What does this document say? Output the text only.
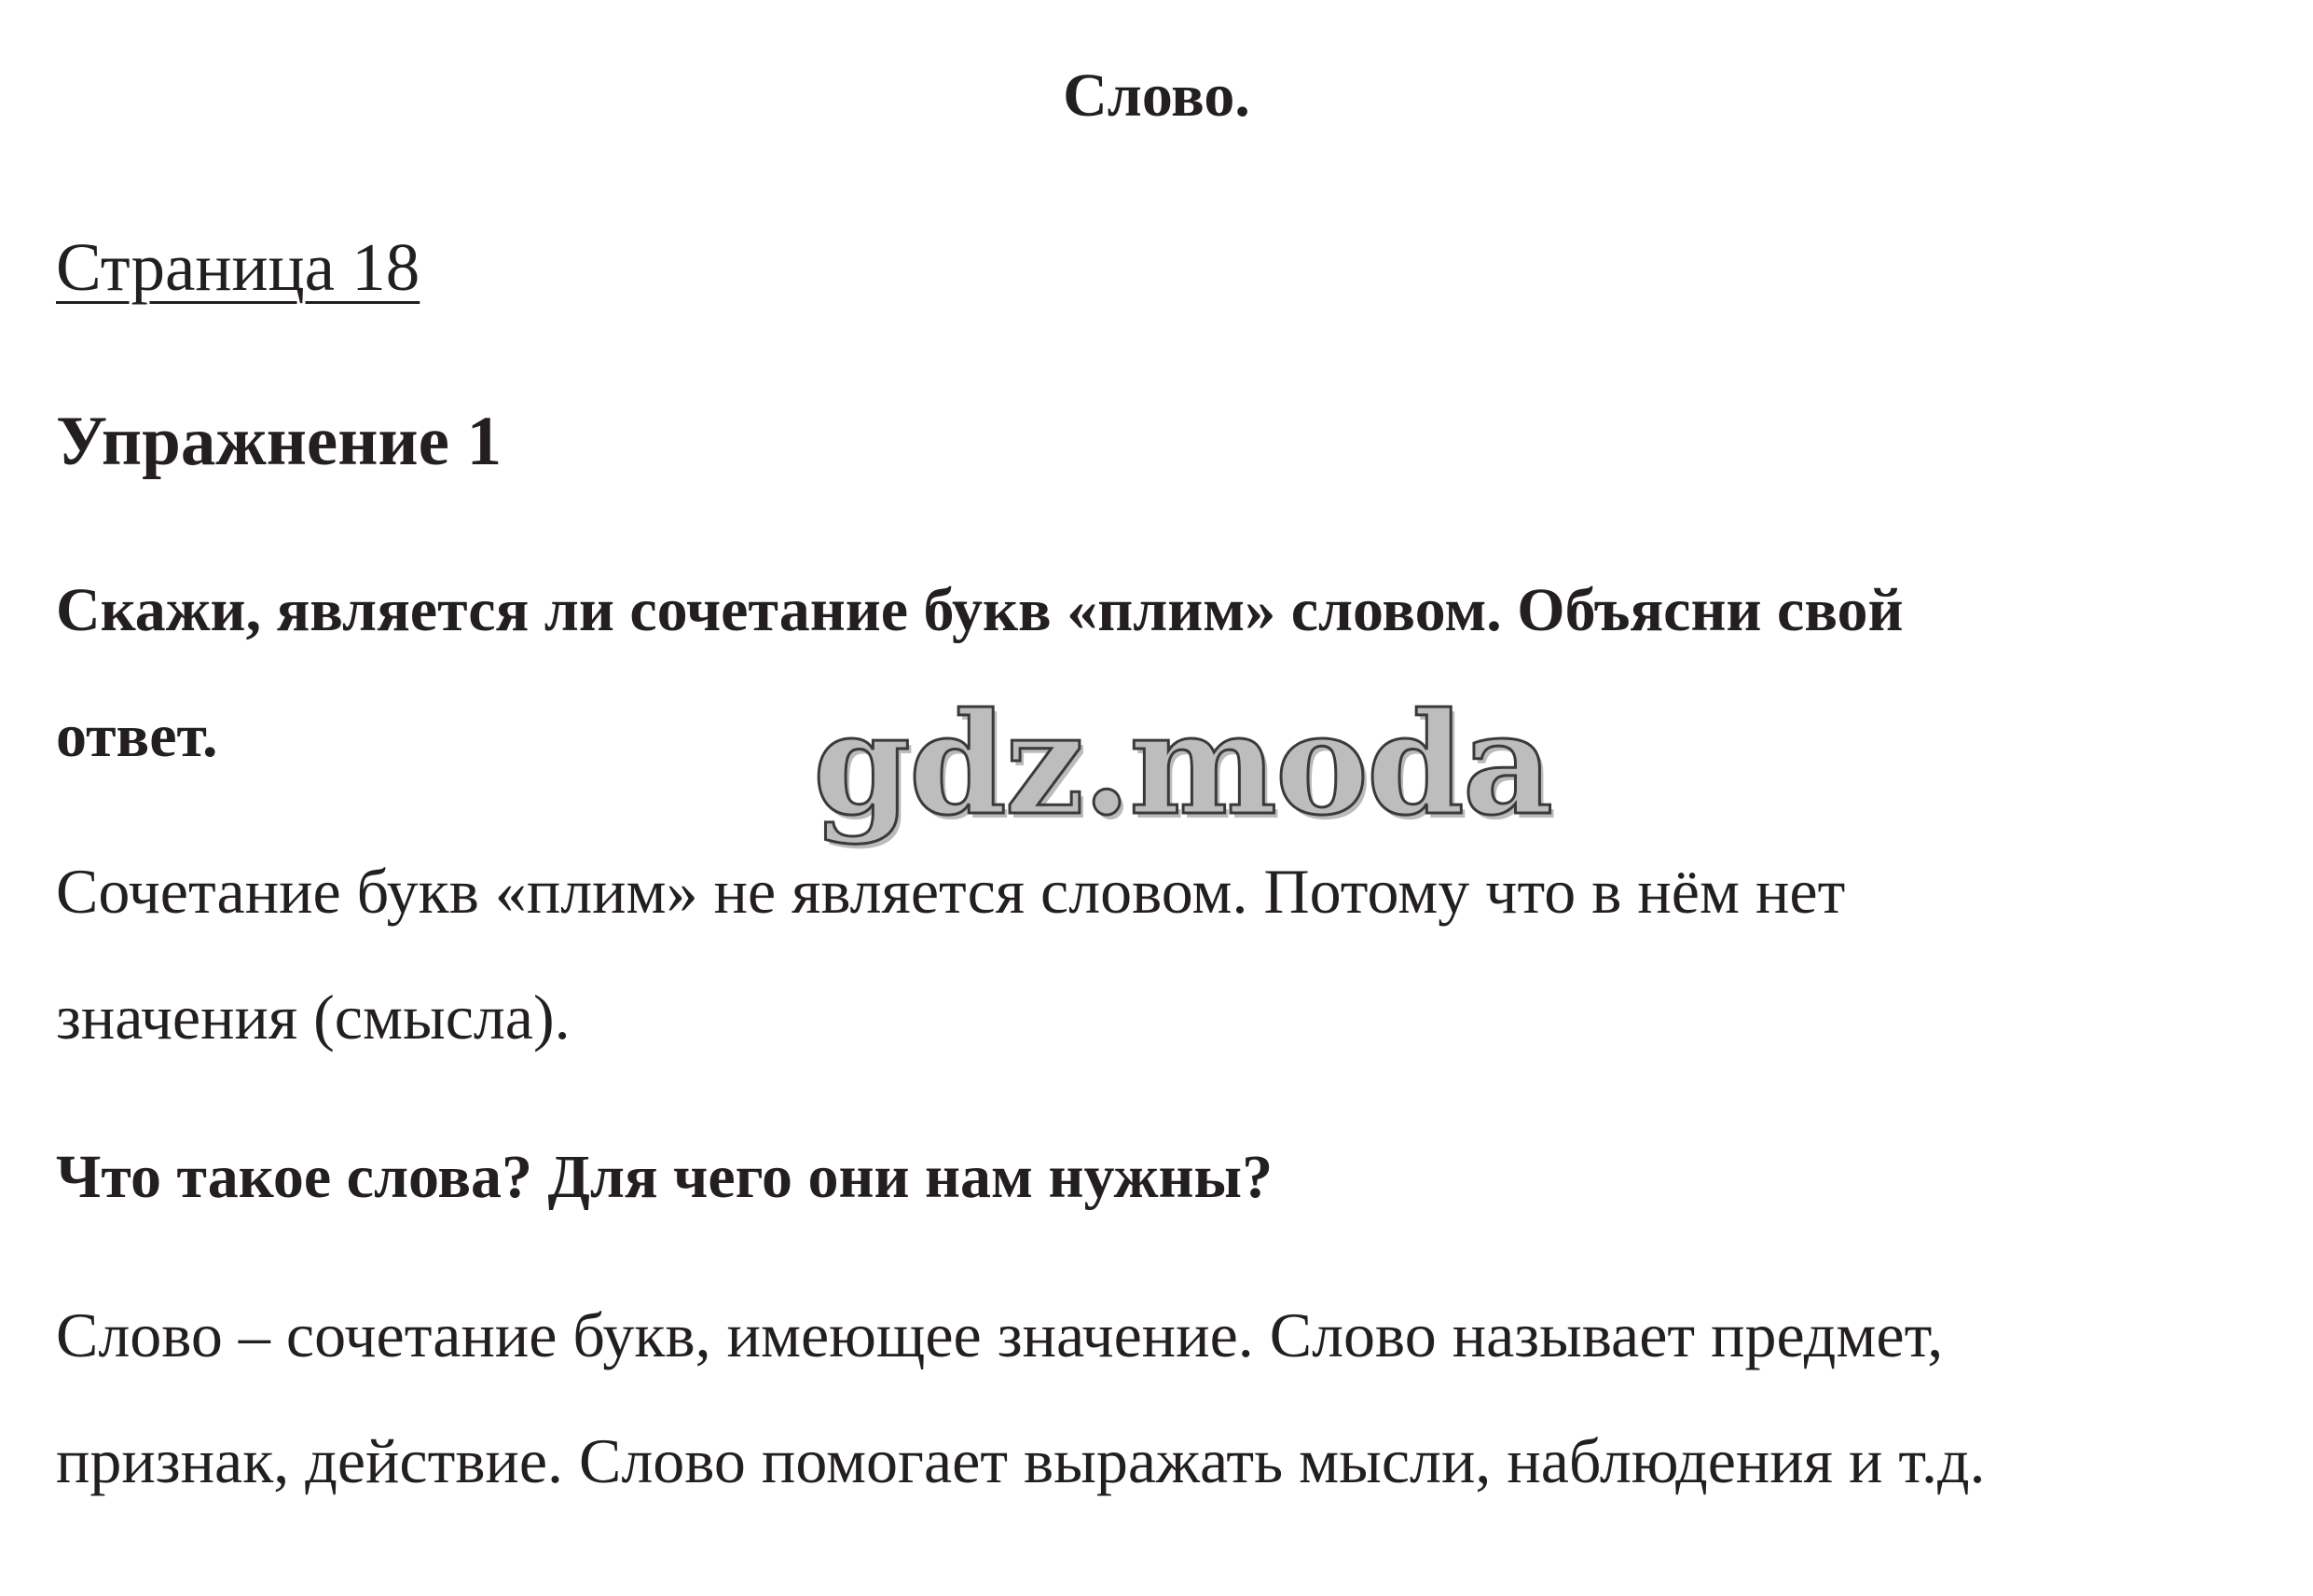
Слово.

Страница 18

Упражнение 1

Скажи, является ли сочетание букв «плим» словом. Объясни свой

ответ.

Сочетание букв «плим» не является словом. Потому что в нём нет

значения (смысла).

Что такое слова? Для чего они нам нужны?

Слово – сочетание букв, имеющее значение. Слово называет предмет,

признак, действие. Слово помогает выражать мысли, наблюдения и т.д.

gdz.moda
